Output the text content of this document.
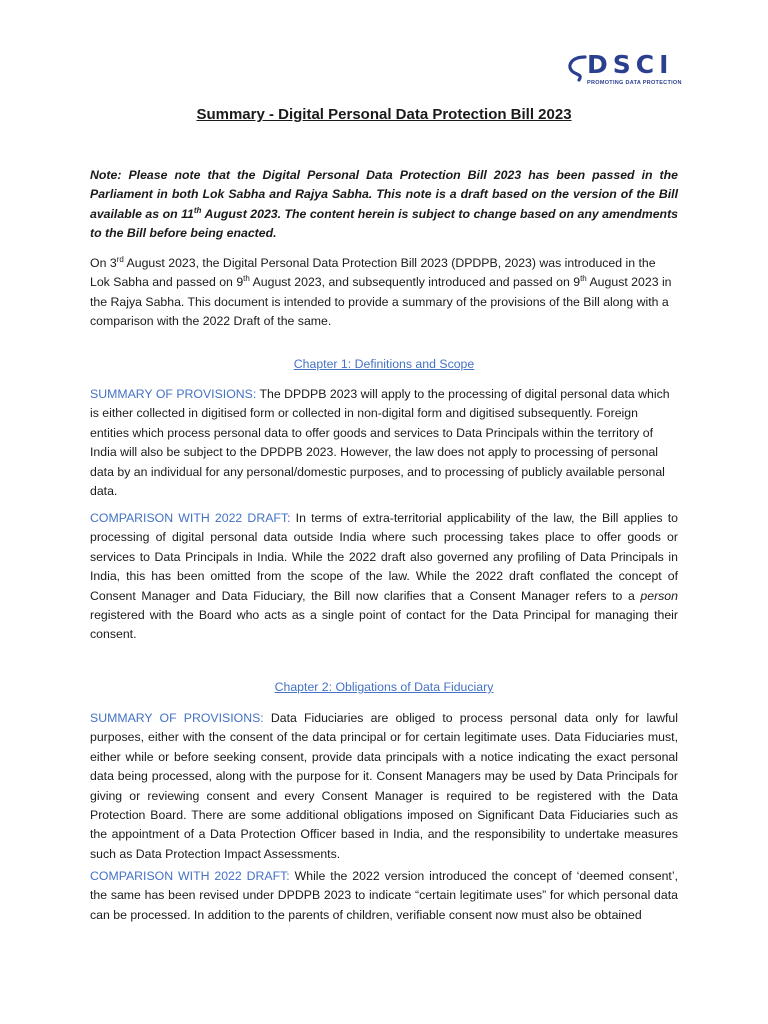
DSCI
PROMOTING DATA PROTECTION
Summary - Digital Personal Data Protection Bill 2023
Note: Please note that the Digital Personal Data Protection Bill 2023 has been passed in the Parliament in both Lok Sabha and Rajya Sabha. This note is a draft based on the version of the Bill available as on 11th August 2023. The content herein is subject to change based on any amendments to the Bill before being enacted.
On 3rd August 2023, the Digital Personal Data Protection Bill 2023 (DPDPB, 2023) was introduced in the Lok Sabha and passed on 9th August 2023, and subsequently introduced and passed on 9th August 2023 in the Rajya Sabha. This document is intended to provide a summary of the provisions of the Bill along with a comparison with the 2022 Draft of the same.
Chapter 1: Definitions and Scope
SUMMARY OF PROVISIONS: The DPDPB 2023 will apply to the processing of digital personal data which is either collected in digitised form or collected in non-digital form and digitised subsequently. Foreign entities which process personal data to offer goods and services to Data Principals within the territory of India will also be subject to the DPDPB 2023. However, the law does not apply to processing of personal data by an individual for any personal/domestic purposes, and to processing of publicly available personal data.
COMPARISON WITH 2022 DRAFT: In terms of extra-territorial applicability of the law, the Bill applies to processing of digital personal data outside India where such processing takes place to offer goods or services to Data Principals in India. While the 2022 draft also governed any profiling of Data Principals in India, this has been omitted from the scope of the law. While the 2022 draft conflated the concept of Consent Manager and Data Fiduciary, the Bill now clarifies that a Consent Manager refers to a person registered with the Board who acts as a single point of contact for the Data Principal for managing their consent.
Chapter 2: Obligations of Data Fiduciary
SUMMARY OF PROVISIONS: Data Fiduciaries are obliged to process personal data only for lawful purposes, either with the consent of the data principal or for certain legitimate uses. Data Fiduciaries must, either while or before seeking consent, provide data principals with a notice indicating the exact personal data being processed, along with the purpose for it. Consent Managers may be used by Data Principals for giving or reviewing consent and every Consent Manager is required to be registered with the Data Protection Board. There are some additional obligations imposed on Significant Data Fiduciaries such as the appointment of a Data Protection Officer based in India, and the responsibility to undertake measures such as Data Protection Impact Assessments.
COMPARISON WITH 2022 DRAFT: While the 2022 version introduced the concept of ‘deemed consent’, the same has been revised under DPDPB 2023 to indicate “certain legitimate uses” for which personal data can be processed. In addition to the parents of children, verifiable consent now must also be obtained
